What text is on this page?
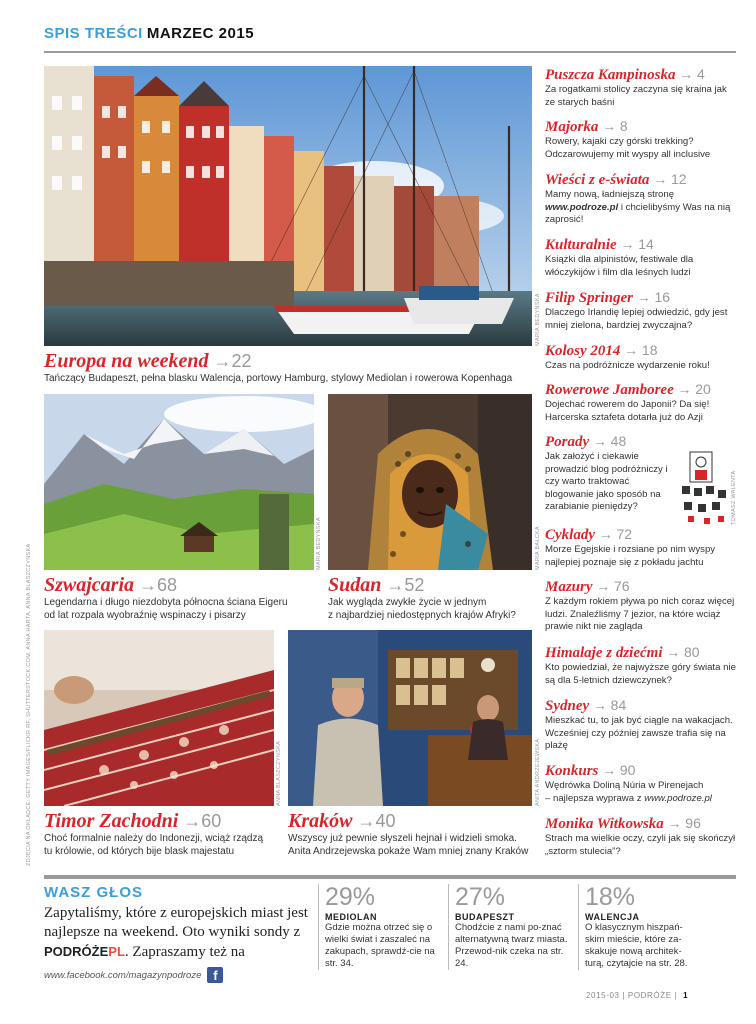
SPIS TREŚCI MARZEC 2015
MARIA BEDYŃSKA
Europa na weekend →22
Tańczący Budapeszt, pełna blasku Walencja, portowy Hamburg, stylowy Mediolan i rowerowa Kopenhaga
MARIA BEDYŃSKA	MARIA BAŁCKA
Szwajcaria →68
Legendarna i długo niezdobyta północna ściana Eigeru
od lat rozpala wyobraźnię wspinaczy i pisarzy
Sudan →52
Jak wygląda zwykłe życie w jednym
z najbardziej niedostępnych krajów Afryki?
ANNA BLASZCZYNSKA	ANITA ANDRZEJEWSKA
ZDJĘCIA NA OKŁADCE: GETTY IMAGES/FLICKR RF, SHUTTERSTOCK.COM, ANNA HARTA, ANNA BLASZCZYNSKA Timor Zachodni →60
Choć formalnie należy do Indonezji, wciąż rządzą
tu królowie, od których bije blask majestatu
Kraków →40
Wszyscy już pewnie słyszeli hejnał i widzieli smoka.
Anita Andrzejewska pokaże Wam mniej znany Kraków
Puszcza Kampinoska → 4
Za rogatkami stolicy zaczyna się kraina jak ze starych baśni
Majorka → 8
Rowery, kajaki czy górski trekking? Odczarowujemy mit wyspy all inclusive
Wieści z e-świata → 12
Mamy nową, ładniejszą stronę www.podroze.pl i chcielibyśmy Was na nią zaprosić!
Kulturalnie → 14
Książki dla alpinistów, festiwale dla włóczykijów i film dla leśnych ludzi
Filip Springer → 16
Dlaczego Irlandię lepiej odwiedzić, gdy jest mniej zielona, bardziej zwyczajna?
Kolosy 2014 → 18
Czas na podróżnicze wydarzenie roku!
Rowerowe Jamboree → 20
Dojechać rowerem do Japonii? Da się! Harcerska sztafeta dotarła już do Azji
Porady → 48
Jak założyć i ciekawie prowadzić blog podróżniczy i czy warto traktować blogowanie jako sposób na zarabianie pieniędzy?	TOMASZ WALENTA
Cyklady → 72
Morze Egejskie i rozsiane po nim wyspy najlepiej poznaje się z pokładu jachtu
Mazury → 76
Z każdym rokiem pływa po nich coraz więcej ludzi. Znaleźliśmy 7 jezior, na które wciąż prawie nikt nie zagląda
Himalaje z dziećmi → 80
Kto powiedział, że najwyższe góry świata nie są dla 5-letnich dziewczynek?
Sydney → 84
Mieszkać tu, to jak być ciągle na wakacjach. Wcześniej czy później zawsze trafia się na plażę
Konkurs → 90
Wędrówka Doliną Núria w Pirenejach
– najlepsza wyprawa z www.podroze.pl
Monika Witkowska → 96
Strach ma wielkie oczy, czyli jak się skończył „sztorm stulecia”?
WASZ GŁOS
Zapytaliśmy, które z europejskich miast jest najlepsze na weekend. Oto wyniki sondy z PODRÓŻEPL. Zapraszamy też na
www.facebook.com/magazynpodroze f
29%
MEDIOLAN
Gdzie można otrzeć się o wielki świat i zaszaleć na zakupach, sprawdź-cie na str. 34.
27%
BUDAPESZT
Chodźcie z nami po-znać alternatywną twarz miasta. Przewod-nik czeka na str. 24.
18%
WALENCJA
O klasycznym hiszpań-skim mieście, które za-skakuje nową architek-turą, czytajcie na str. 28.
2015-03 | PODRÓŻE | 1
